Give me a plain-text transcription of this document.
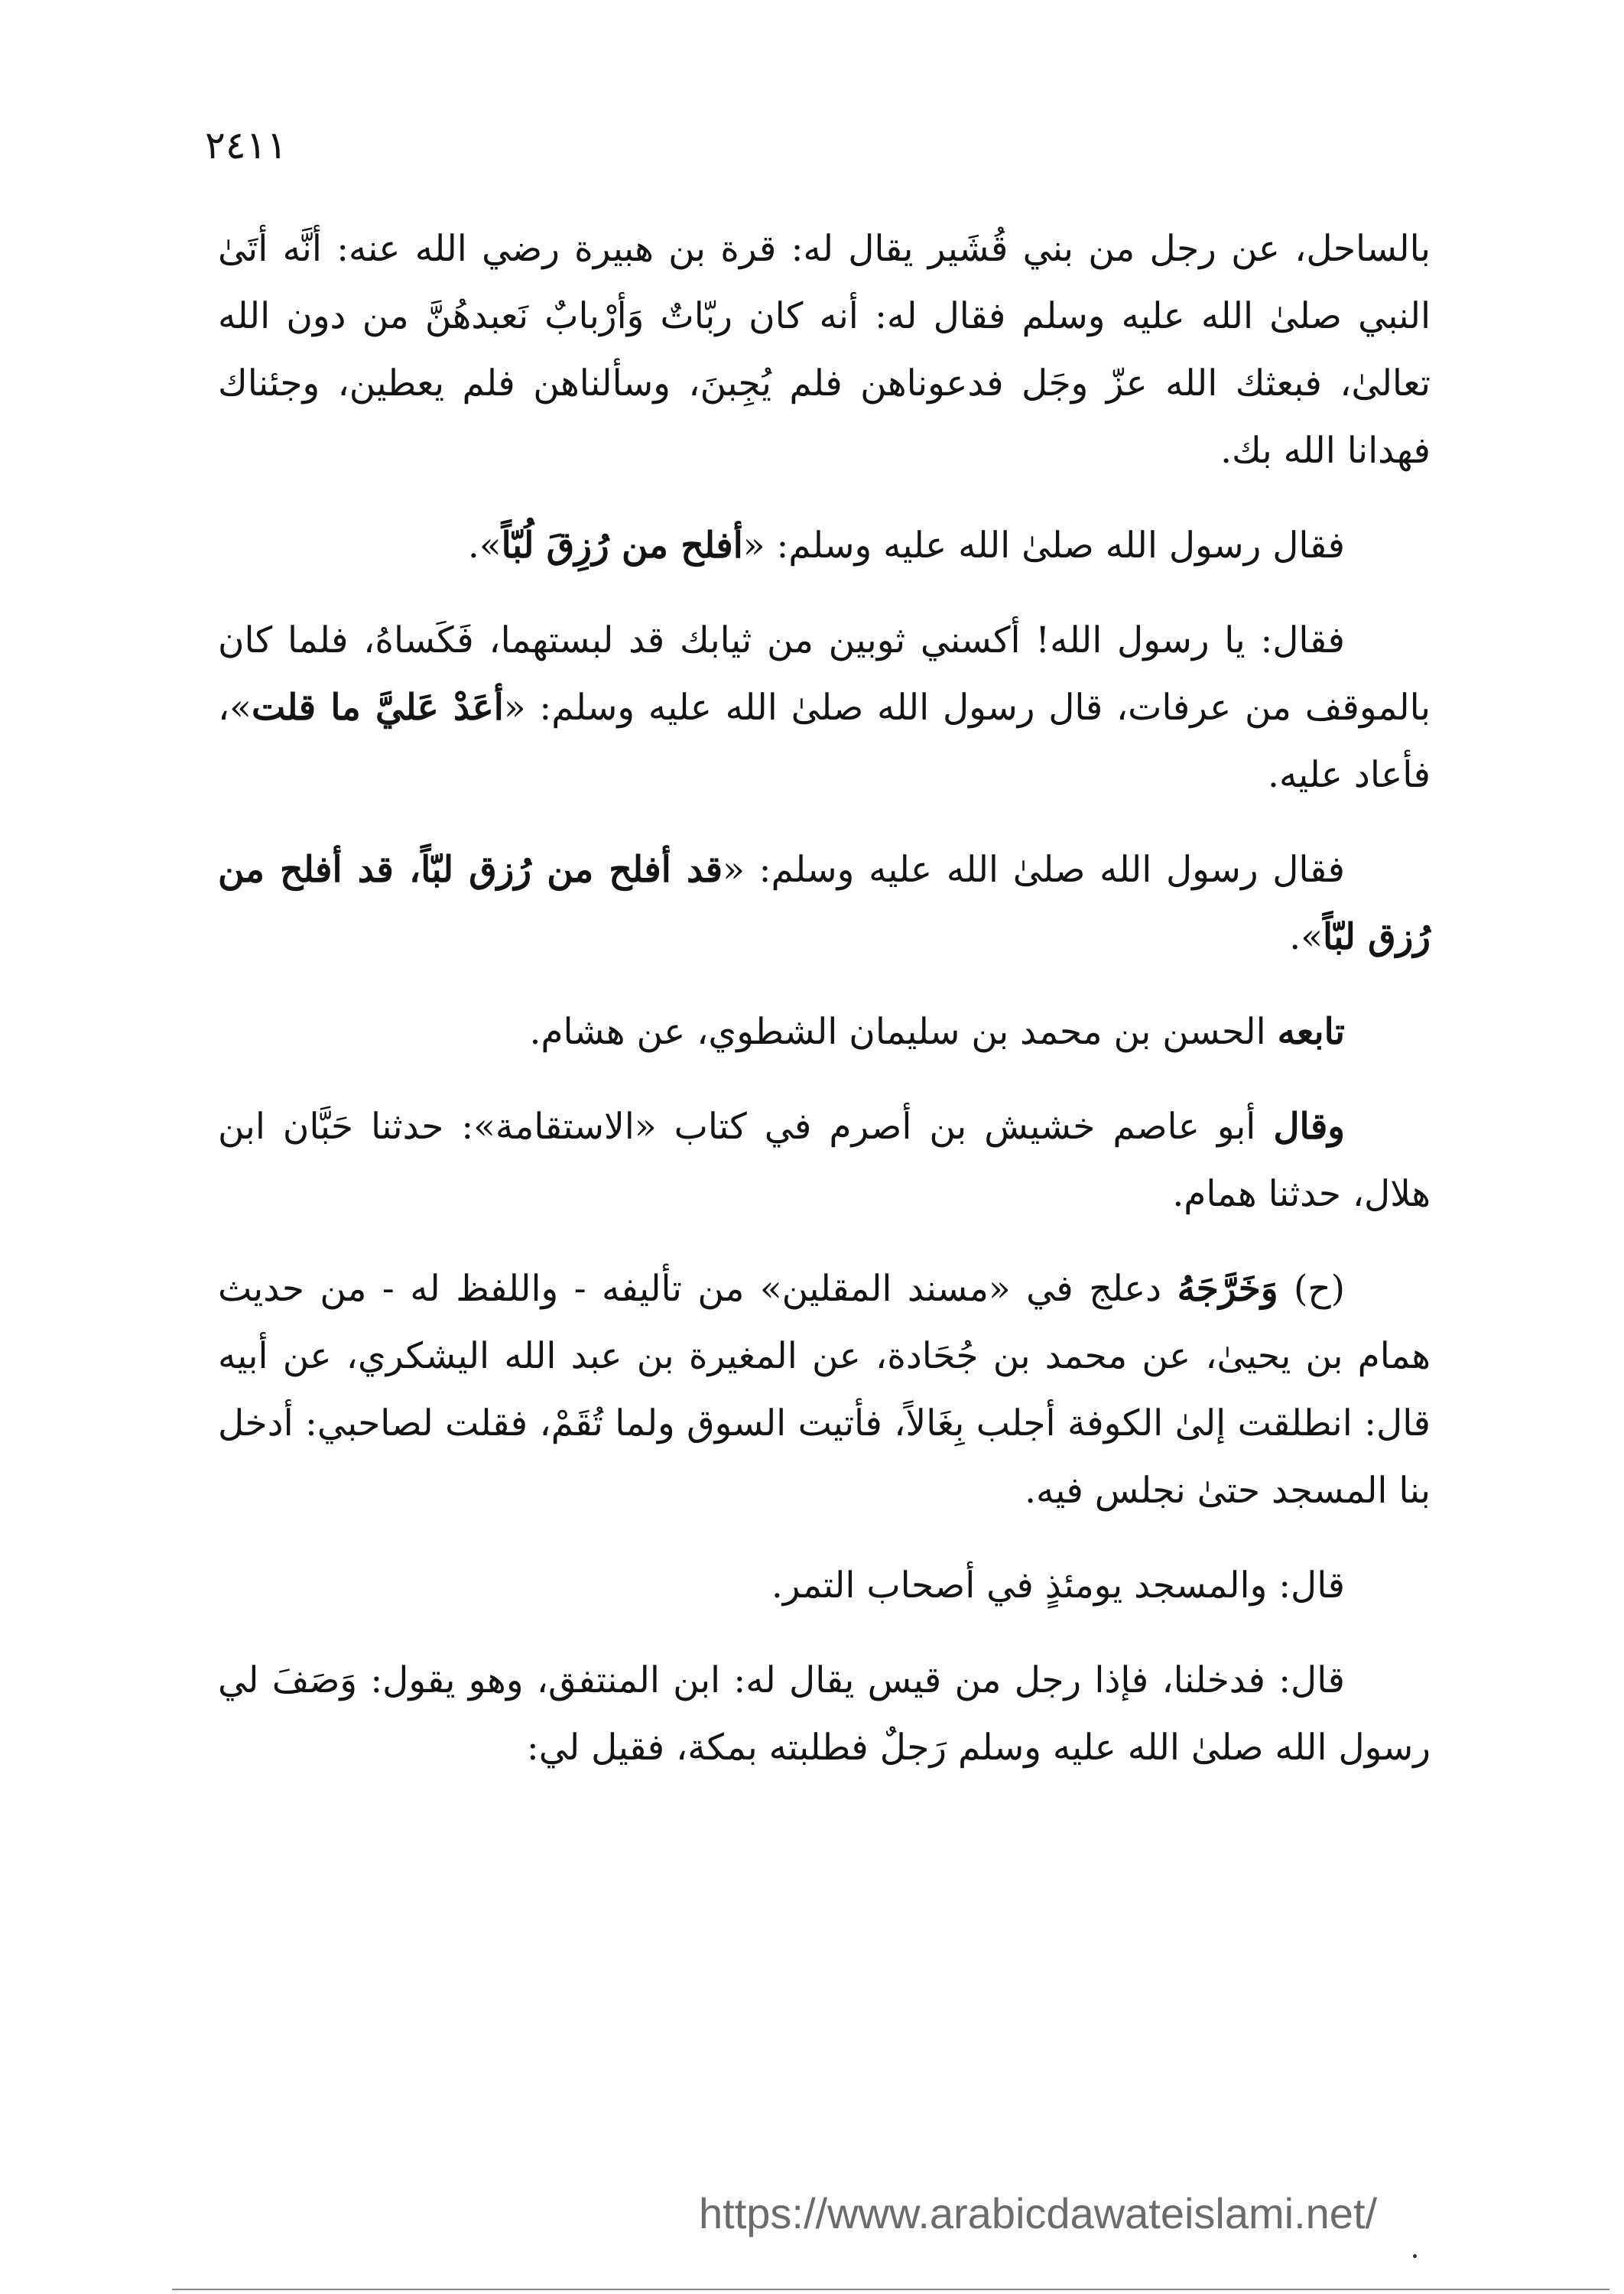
٢٤١١

بالساحل، عن رجل من بني قُشَير يقال له: قرة بن هبيرة رضي الله عنه: أنَّه أتَىٰ النبي صلىٰ الله عليه وسلم فقال له: أنه كان ربّاتٌ وَأرْبابٌ نَعبدهُنَّ من دون الله تعالىٰ، فبعثك الله عزّ وجَل فدعوناهن فلم يُجِبنَ، وسألناهن فلم يعطين، وجئناك فهدانا الله بك.

فقال رسول الله صلىٰ الله عليه وسلم: «أفلح من رُزِقَ لُبّاً».

فقال: يا رسول الله! أكسني ثوبين من ثيابك قد لبستهما، فَكَساهُ، فلما كان بالموقف من عرفات، قال رسول الله صلىٰ الله عليه وسلم: «أعَدْ عَليَّ ما قلت»، فأعاد عليه.

فقال رسول الله صلىٰ الله عليه وسلم: «قد أفلح من رُزق لبّاً، قد أفلح من رُزق لبّاً».

تابعه الحسن بن محمد بن سليمان الشطوي، عن هشام.

وقال أبو عاصم خشيش بن أصرم في كتاب «الاستقامة»: حدثنا حَبَّان ابن هلال، حدثنا همام.

(ح) وَخَرَّجَهُ دعلج في «مسند المقلين» من تأليفه - واللفظ له - من حديث همام بن يحيىٰ، عن محمد بن جُحَادة، عن المغيرة بن عبد الله اليشكري، عن أبيه قال: انطلقت إلىٰ الكوفة أجلب بِغَالاً، فأتيت السوق ولما تُقَمْ، فقلت لصاحبي: أدخل بنا المسجد حتىٰ نجلس فيه.

قال: والمسجد يومئذٍ في أصحاب التمر.

قال: فدخلنا، فإذا رجل من قيس يقال له: ابن المنتفق، وهو يقول: وَصَفَ لي رسول الله صلىٰ الله عليه وسلم رَجلٌ فطلبته بمكة، فقيل لي:

https://www.arabicdawateislami.net/
